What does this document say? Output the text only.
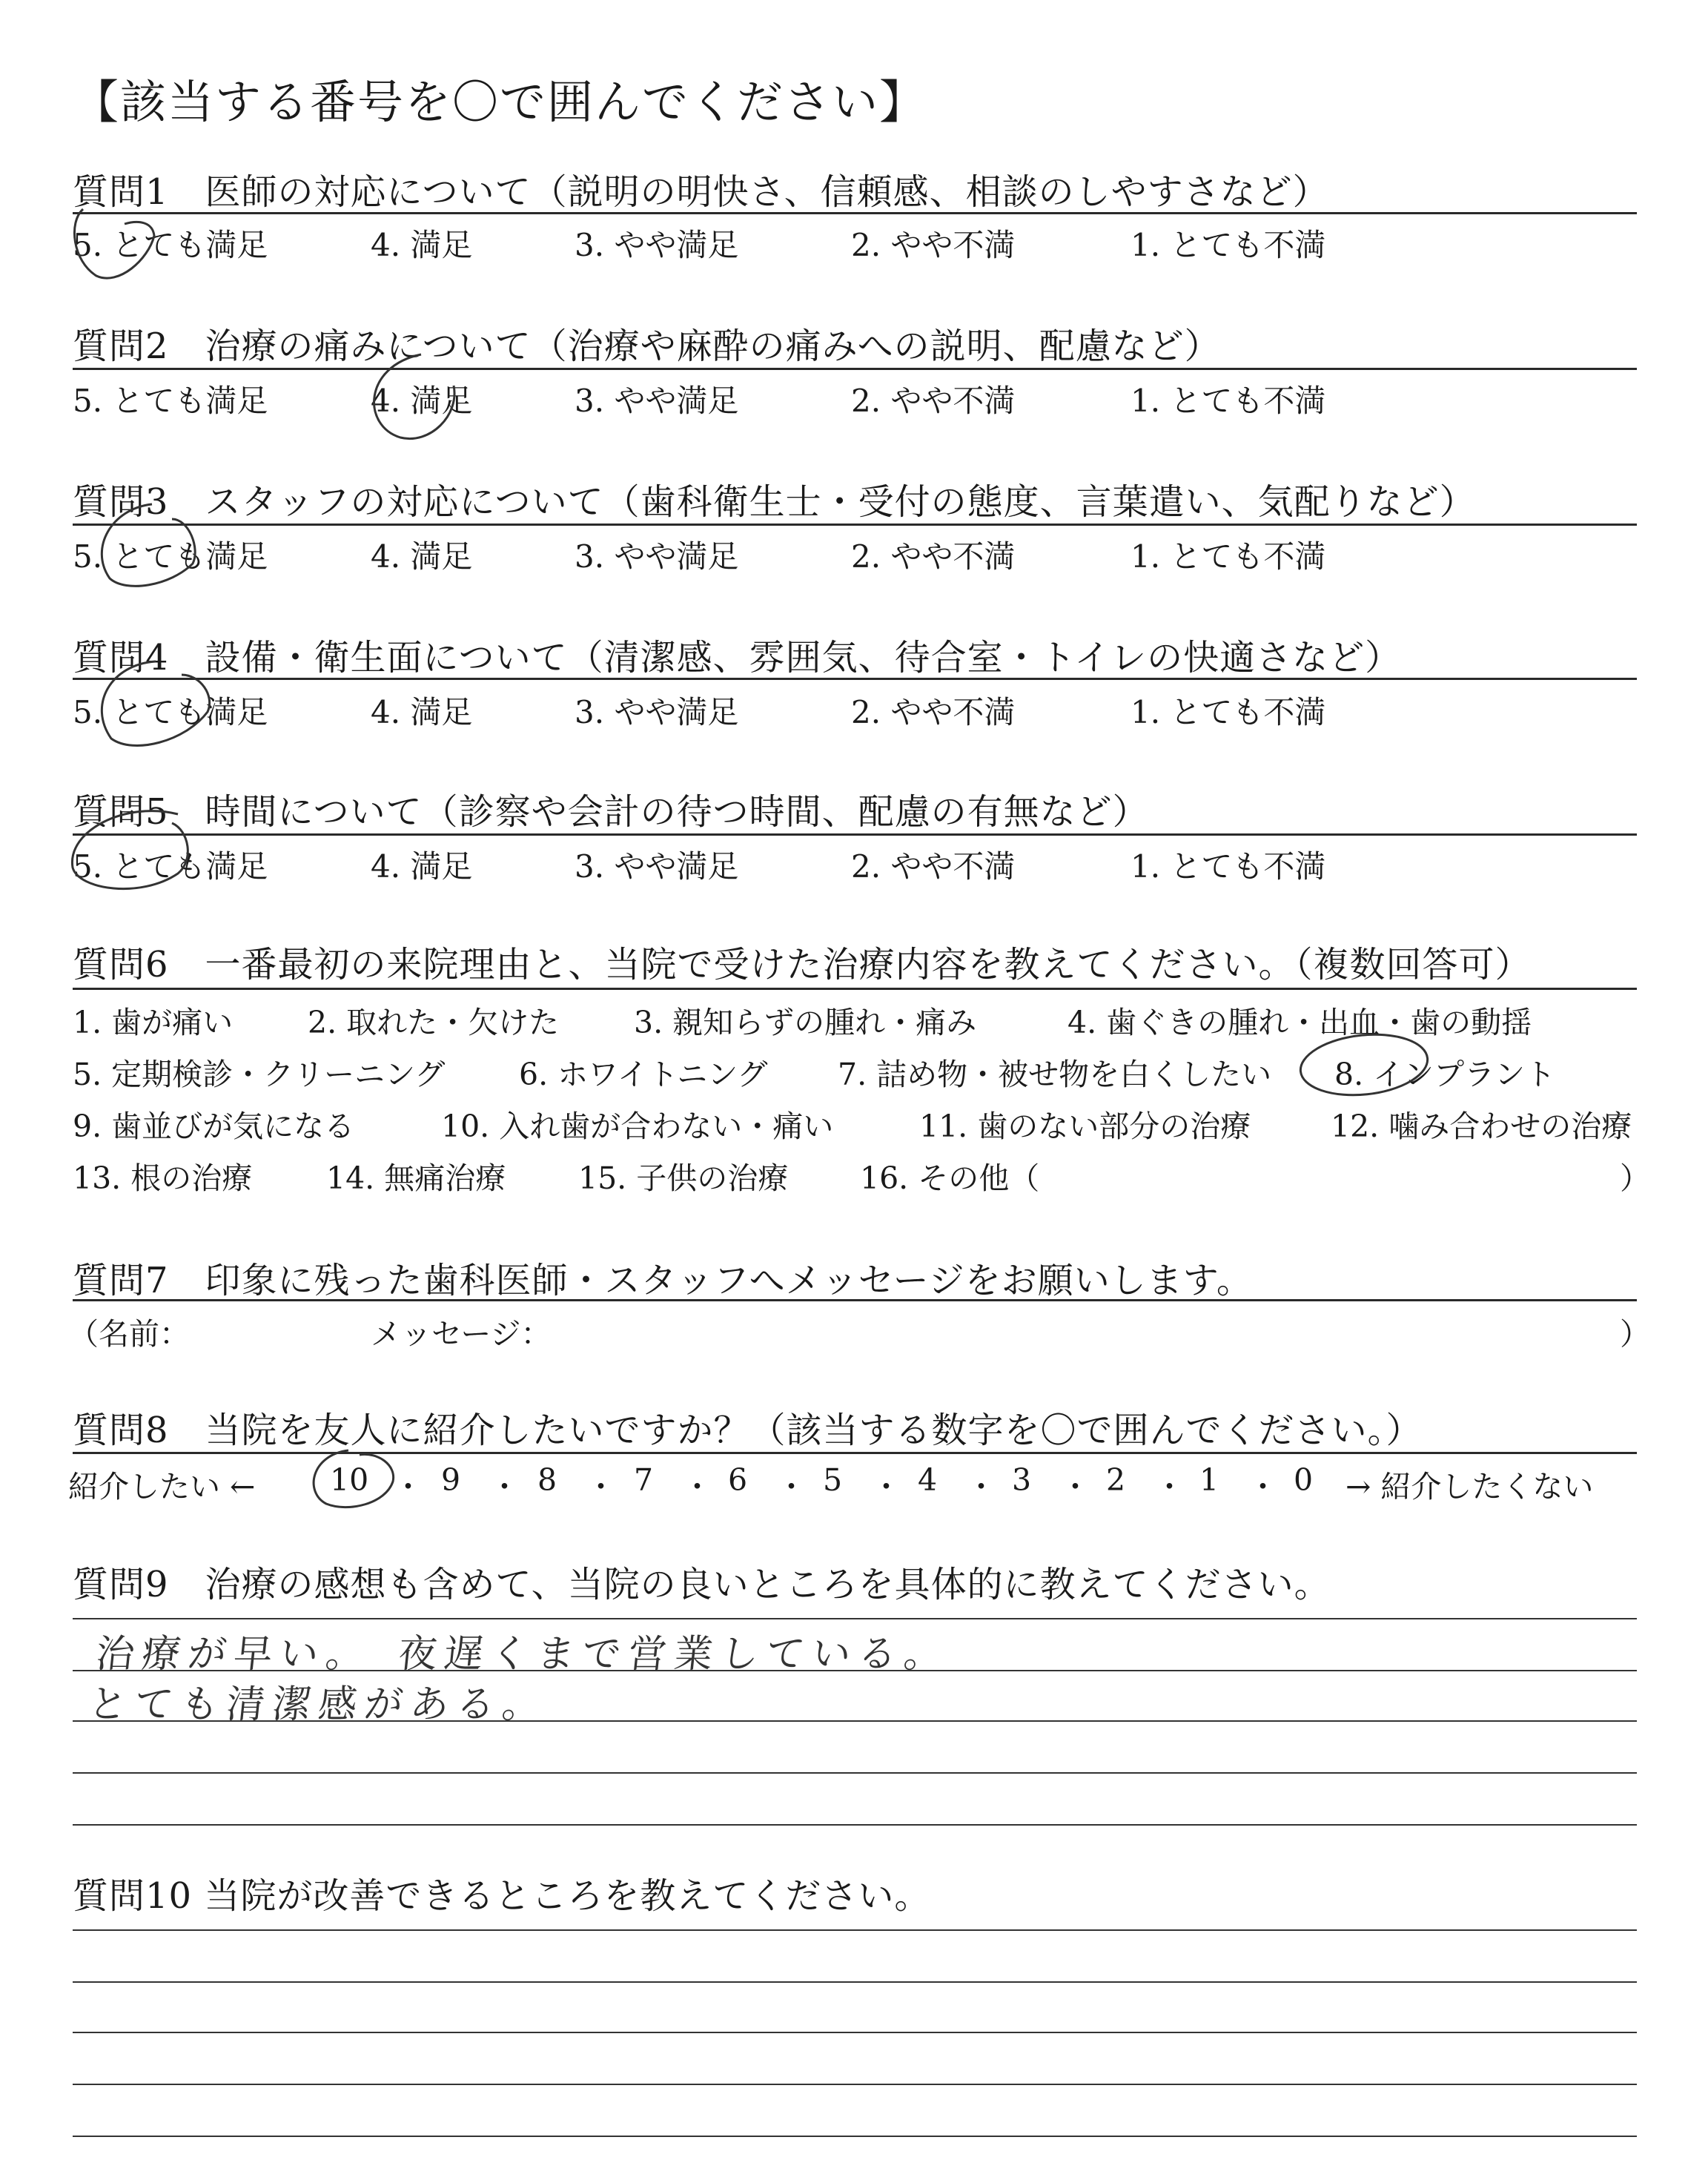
【該当する番号を〇で囲んでください】
質問1　医師の対応について（説明の明快さ、信頼感、相談のしやすさなど）
5. とても満足	4. 満足	3. やや満足	2. やや不満	1. とても不満
質問2　治療の痛みについて（治療や麻酔の痛みへの説明、配慮など）
5. とても満足	4. 満足	3. やや満足	2. やや不満	1. とても不満
質問3　スタッフの対応について（歯科衛生士・受付の態度、言葉遣い、気配りなど）
5. とても満足	4. 満足	3. やや満足	2. やや不満	1. とても不満
質問4　設備・衛生面について（清潔感、雰囲気、待合室・トイレの快適さなど）
5. とても満足	4. 満足	3. やや満足	2. やや不満	1. とても不満
質問5　時間について（診察や会計の待つ時間、配慮の有無など）
5. とても満足	4. 満足	3. やや満足	2. やや不満	1. とても不満
質問6　一番最初の来院理由と、当院で受けた治療内容を教えてください。（複数回答可）
1. 歯が痛い 2. 取れた・欠けた 3. 親知らずの腫れ・痛み	4. 歯ぐきの腫れ・出血・歯の動揺
5. 定期検診・クリーニング 6. ホワイトニング 7. 詰め物・被せ物を白くしたい 8. インプラント
9. 歯並びが気になる	10. 入れ歯が合わない・痛い	11. 歯のない部分の治療	12. 噛み合わせの治療
13. 根の治療 14. 無痛治療 15. 子供の治療 16. その他（	）
質問7　印象に残った歯科医師・スタッフへメッセージをお願いします。
（名前：	メッセージ：	）
質問8　当院を友人に紹介したいですか？（該当する数字を〇で囲んでください。）
紹介したい ← 10 ・ 9 ・ 8 ・ 7 ・ 6 ・ 5 ・ 4 ・ 3 ・ 2 ・ 1 ・ 0 → 紹介したくない
質問9　治療の感想も含めて、当院の良いところを具体的に教えてください。
治療が早い。　夜遅くまで営業している。
とても清潔感がある。
質問10 当院が改善できるところを教えてください。
